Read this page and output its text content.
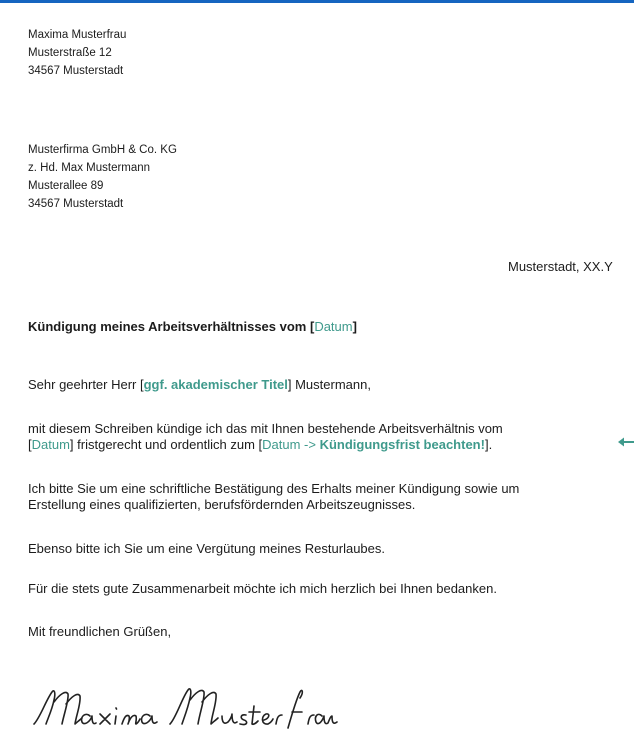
Maxima Musterfrau
Musterstraße 12
34567 Musterstadt
Musterfirma GmbH & Co. KG
z. Hd. Max Mustermann
Musterallee 89
34567 Musterstadt
Musterstadt, XX.Y
Kündigung meines Arbeitsverhältnisses vom [Datum]
Sehr geehrter Herr [ggf. akademischer Titel] Mustermann,
mit diesem Schreiben kündige ich das mit Ihnen bestehende Arbeitsverhältnis vom
[Datum] fristgerecht und ordentlich zum [Datum -> Kündigungsfrist beachten!].
Ich bitte Sie um eine schriftliche Bestätigung des Erhalts meiner Kündigung sowie um
Erstellung eines qualifizierten, berufsfördernden Arbeitszeugnisses.
Ebenso bitte ich Sie um eine Vergütung meines Resturlaubes.
Für die stets gute Zusammenarbeit möchte ich mich herzlich bei Ihnen bedanken.
Mit freundlichen Grüßen,
